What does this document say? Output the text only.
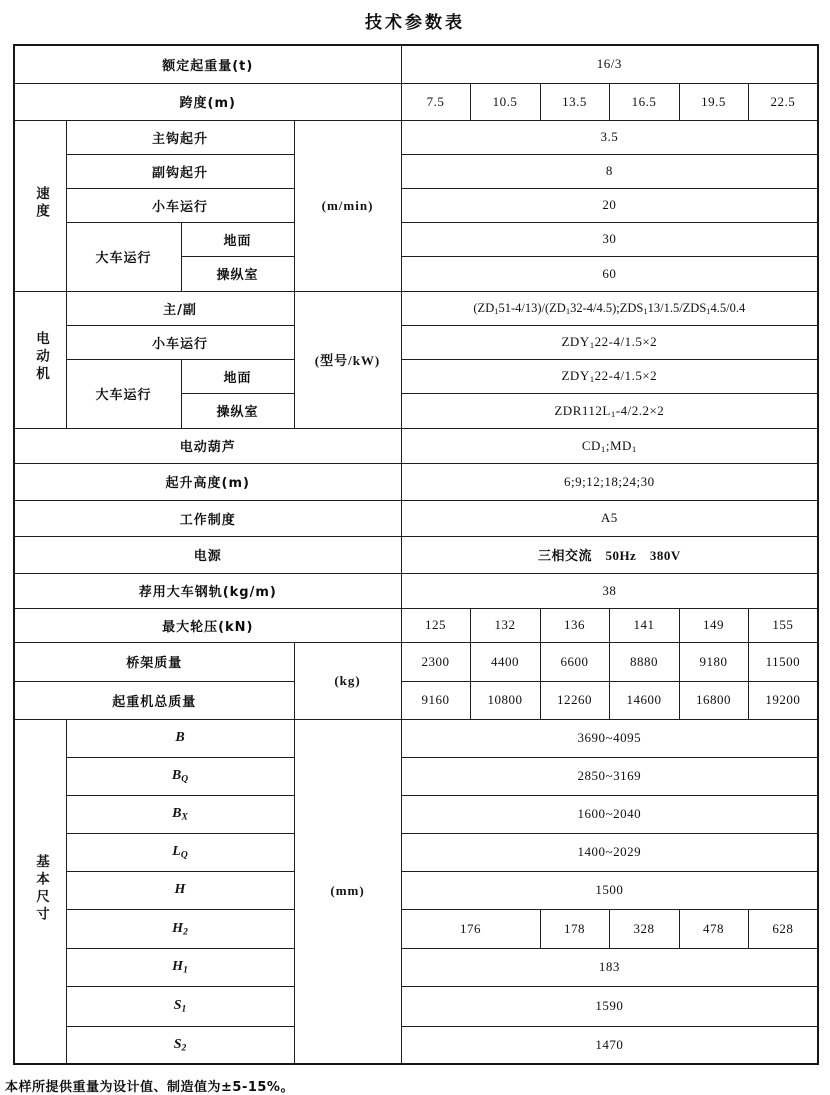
技术参数表
额定起重量(t)				16/3					
跨度(m)				7.5	10.5	13.5	16.5	19.5	22.5
速度	主钩起升		(m/min)	3.5					
	副钩起升			8					
	小车运行			20					
	大车运行	地面		30					
		操纵室		60					
电动机	主/副		(型号/kW)	$(ZD_151-4/13)/(ZD_132-4/4.5);ZDS_113/1.5/ZDS_14.5/0.4$					
	小车运行			$ZDY_122-4/1.5\times 2$					
	大车运行	地面		$ZDY_122-4/1.5\times 2$					
		操纵室		$ZDR112L_1-4/2.2\times 2$					
电动葫芦				$CD_1;MD_1$
起升高度(m)				6;9;12;18;24;30					
工作制度				A5					
电源				三相交流　50Hz　380V					
荐用大车钢轨(kg/m)				38					
最大轮压(kN)				125	132	136	141	149	155
桥架质量			(kg)	2300	4400	6600	8880	9180	11500
起重机总质量				9160	10800	12260	14600	16800	19200
基本尺寸	B		(mm)	3690~4095					
	$B_Q$			2850~3169					
	$B_X$			1600~2040					
	$L_Q$			1400~2029					
	H			1500					
	$H_2$			176		178	328	478	628
	$H_1$			183					
	$S_1$			1590					
	$S_2$			1470					
本样所提供重量为设计值、制造值为±5-15%。
